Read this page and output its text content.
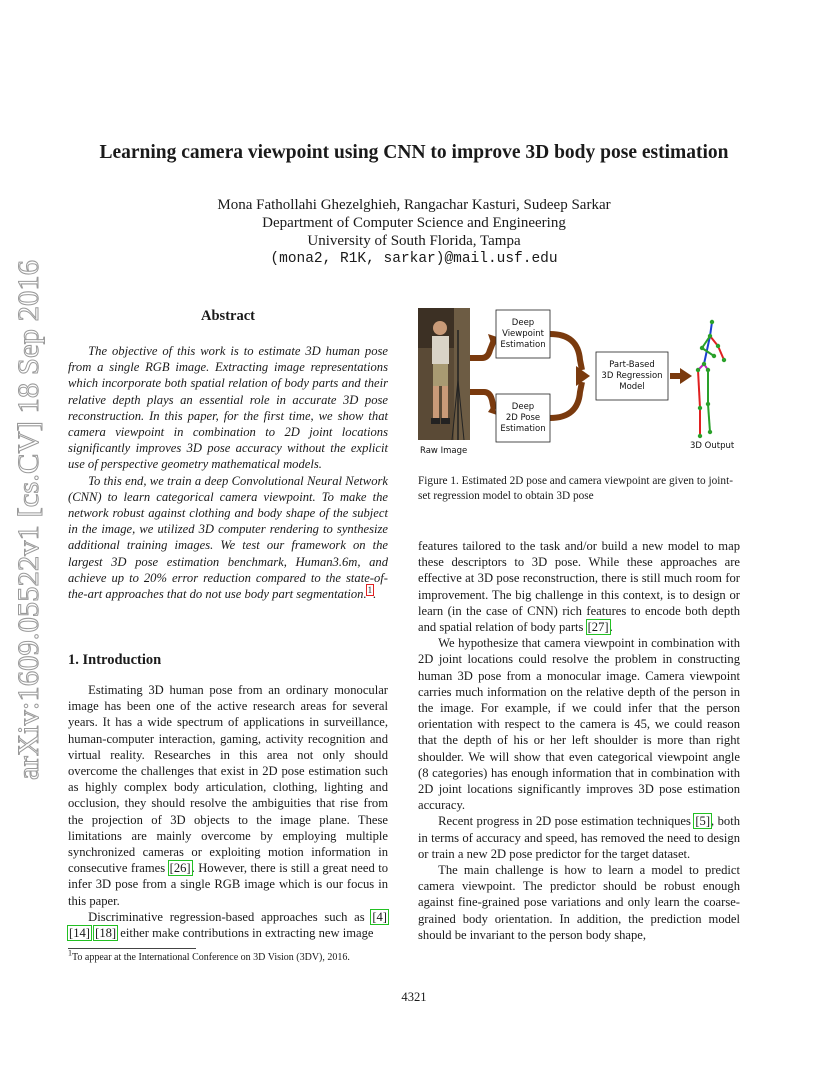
arXiv:1609.05522v1 [cs.CV] 18 Sep 2016
Learning camera viewpoint using CNN to improve 3D body pose estimation
Mona Fathollahi Ghezelghieh, Rangachar Kasturi, Sudeep Sarkar
Department of Computer Science and Engineering
University of South Florida, Tampa
(mona2, R1K, sarkar)@mail.usf.edu
Abstract

The objective of this work is to estimate 3D human pose from a single RGB image. Extracting image representations which incorporate both spatial relation of body parts and their relative depth plays an essential role in accurate 3D pose reconstruction. In this paper, for the first time, we show that camera viewpoint in combination to 2D joint locations significantly improves 3D pose accuracy without the explicit use of perspective geometry mathematical models.

To this end, we train a deep Convolutional Neural Network (CNN) to learn categorical camera viewpoint. To make the network robust against clothing and body shape of the subject in the image, we utilized 3D computer rendering to synthesize additional training images. We test our framework on the largest 3D pose estimation benchmark, Human3.6m, and achieve up to 20% error reduction compared to the state-of-the-art approaches that do not use body part segmentation.$^1$.

1. Introduction

Estimating 3D human pose from an ordinary monocular image has been one of the active research areas for several years. It has a wide spectrum of applications in surveillance, human-computer interaction, gaming, activity recognition and virtual reality. Researches in this area not only should overcome the challenges that exist in 2D pose estimation such as highly complex body articulation, clothing, lighting and occlusion, they should resolve the ambiguities that rise from the projection of 3D objects to the image plane. These limitations are mainly overcome by employing multiple synchronized cameras or exploiting motion information in consecutive frames [26]. However, there is still a great need to infer 3D pose from a single RGB image which is our focus in this paper.

Discriminative regression-based approaches such as [4] [14] [18] either make contributions in extracting new image

$^1$To appear at the International Conference on 3D Vision (3DV), 2016.
Raw Image
Deep
Viewpoint
Estimation
Deep
2D Pose
Estimation
Part-Based
3D Regression
Model
3D Output
Figure 1. Estimated 2D pose and camera viewpoint are given to joint-set regression model to obtain 3D pose

features tailored to the task and/or build a new model to map these descriptors to 3D pose. While these approaches are effective at 3D pose reconstruction, there is still much room for improvement. The big challenge in this context, is to design or learn (in the case of CNN) rich features to encode both depth and spatial relation of body parts [27].

We hypothesize that camera viewpoint in combination with 2D joint locations could resolve the problem in constructing human 3D pose from a monocular image. Camera viewpoint carries much information on the relative depth of the person in the image. For example, if we could infer that the person orientation with respect to the camera is 45, we could reason that the depth of his or her left shoulder is more than right shoulder. We will show that even categorical viewpoint angle (8 categories) has enough information that in combination with 2D joint locations significantly improves 3D pose estimation accuracy.

Recent progress in 2D pose estimation techniques [5], both in terms of accuracy and speed, has removed the need to design or train a new 2D pose predictor for the target dataset.

The main challenge is how to learn a model to predict camera viewpoint. The predictor should be robust enough against fine-grained pose variations and only learn the coarse-grained body orientation. In addition, the prediction model should be invariant to the person body shape,

4321
